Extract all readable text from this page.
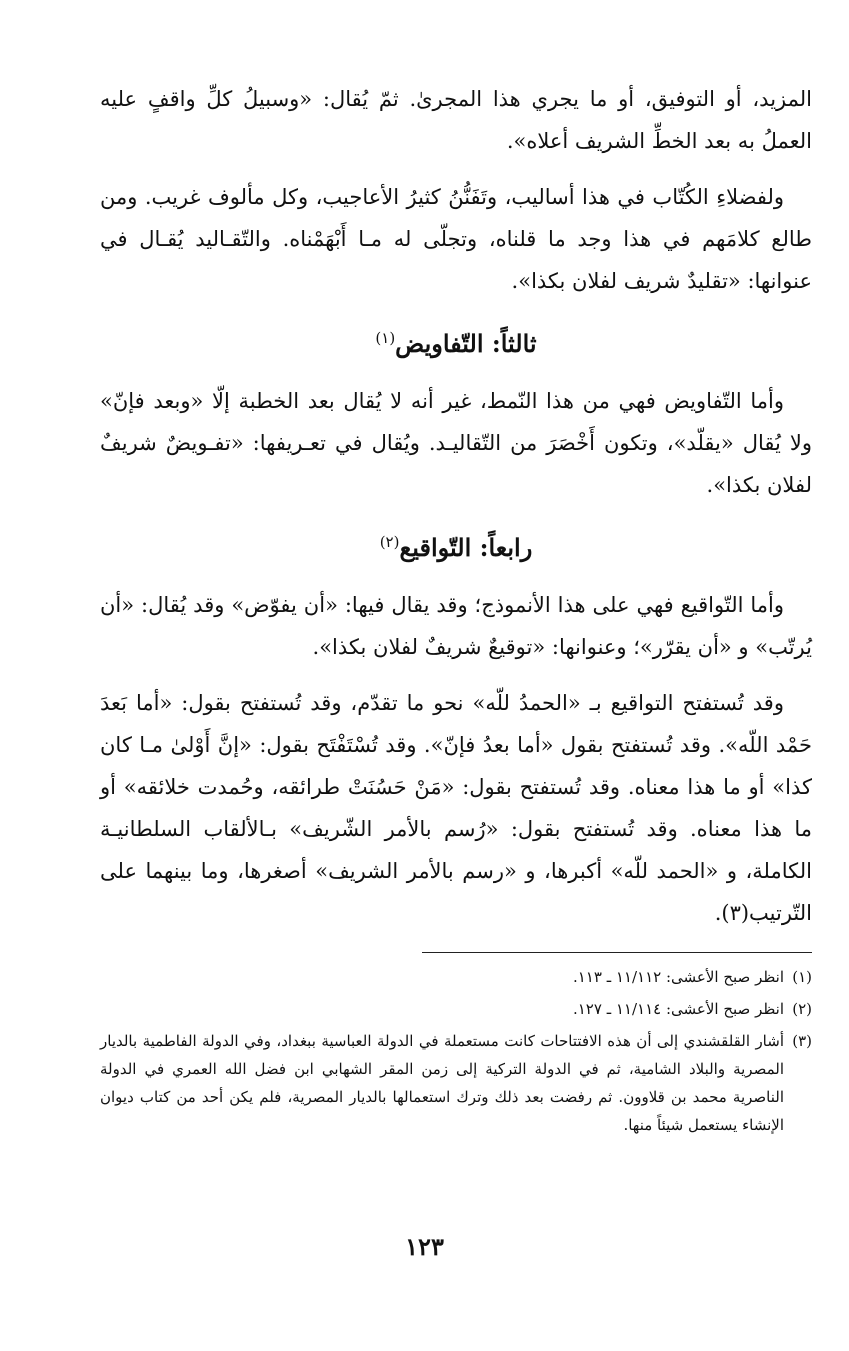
المزيد، أو التوفيق، أو ما يجري هذا المجرىٰ. ثمّ يُقال: «وسبيلُ كلِّ واقفٍ عليه العملُ به بعد الخطِّ الشريف أعلاه».

ولفضلاءِ الكُتّاب في هذا أساليب، وتَفَنُّنُ كثيرُ الأعاجيب، وكل مألوف غريب. ومن طالع كلامَهم في هذا وجد ما قلناه، وتجلّى له مـا أَبْهَمْناه. والتّقـاليد يُقـال في عنوانها: «تقليدٌ شريف لفلان بكذا».

ثالثاً: التّفاويض$^{(١)}$

وأما التّفاويض فهي من هذا النّمط، غير أنه لا يُقال بعد الخطبة إلّا «وبعد فإنّ» ولا يُقال «يقلّد»، وتكون أَخْصَرَ من التّقاليـد. ويُقال في تعـريفها: «تفـويضٌ شريفٌ لفلان بكذا».

رابعاً: التّواقيع$^{(٢)}$

وأما التّواقيع فهي على هذا الأنموذج؛ وقد يقال فيها: «أن يفوّض» وقد يُقال: «أن يُرتّب» و «أن يقرّر»؛ وعنوانها: «توقيعٌ شريفٌ لفلان بكذا».

وقد تُستفتح التواقيع بـ «الحمدُ للّه» نحو ما تقدّم، وقد تُستفتح بقول: «أما بَعدَ حَمْد اللّه». وقد تُستفتح بقول «أما بعدُ فإنّ». وقد تُسْتَفْتَح بقول: «إنَّ أَوْلىٰ مـا كان كذا» أو ما هذا معناه. وقد تُستفتح بقول: «مَنْ حَسُنَتْ طرائقه، وحُمدت خلائقه» أو ما هذا معناه. وقد تُستفتح بقول: «رُسم بالأمر الشّريف» بـالألقاب السلطانيـة الكاملة، و «الحمد للّه» أكبرها، و «رسم بالأمر الشريف» أصغرها، وما بينهما على التّرتيب(٣).

(١)
انظر صبح الأعشى: ١١/١١٢ ـ ١١٣.
(٢)
انظر صبح الأعشى: ١١/١١٤ ـ ١٢٧.
(٣)
أشار القلقشندي إلى أن هذه الافتتاحات كانت مستعملة في الدولة العباسية ببغداد، وفي الدولة الفاطمية بالديار المصرية والبلاد الشامية، ثم في الدولة التركية إلى زمن المقر الشهابي ابن فضل الله العمري في الدولة الناصرية محمد بن قلاوون. ثم رفضت بعد ذلك وترك استعمالها بالديار المصرية، فلم يكن أحد من كتاب ديوان الإنشاء يستعمل شيئاً منها.
١٢٣
